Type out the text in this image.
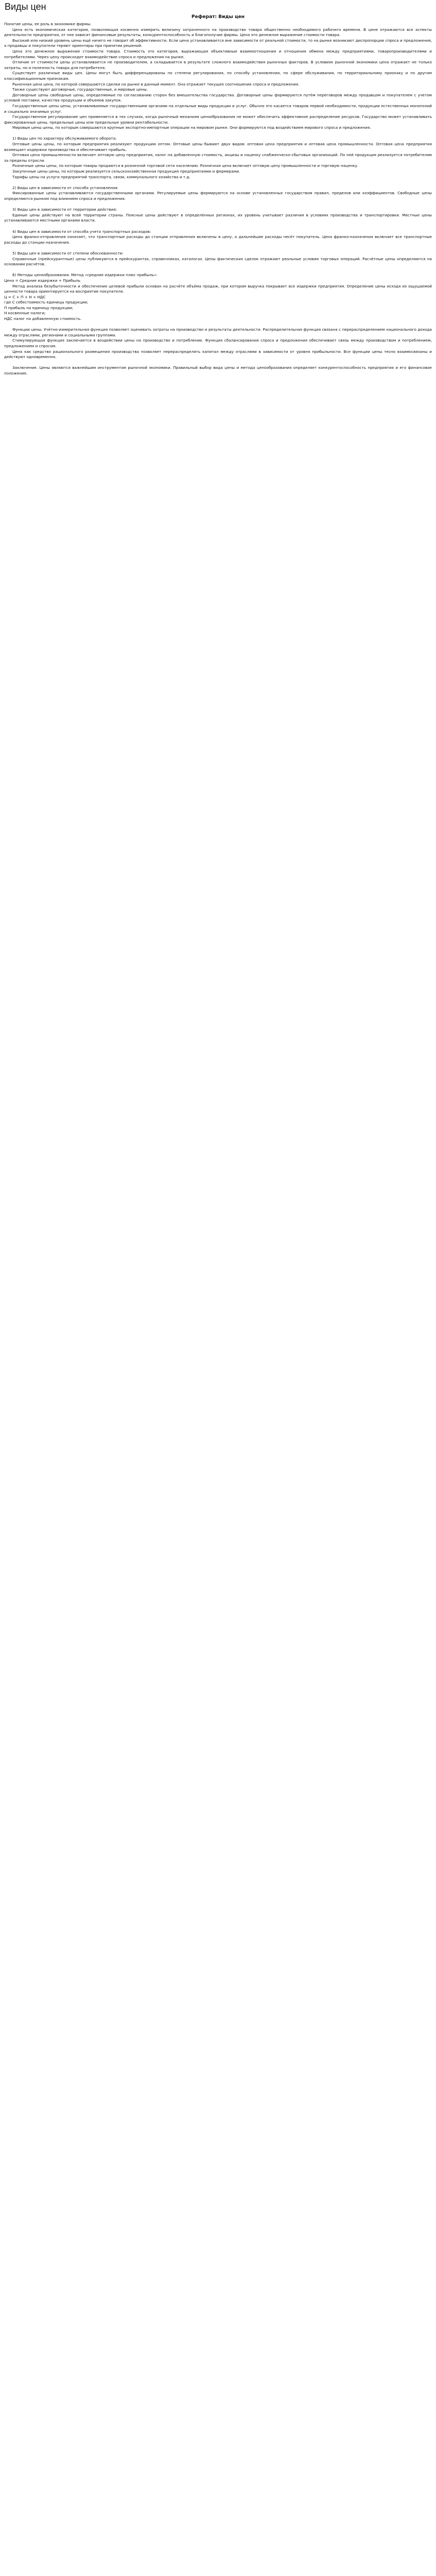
Виды цен
Реферат: Виды цен

Понятие цены, ее роль в экономике фирмы.

Цена есть экономическая категория, позволяющая косвенно измерить величину затраченного на производство товара общественно необходимого рабочего времени. В цене отражаются все аспекты деятельности предприятия, от нее зависят финансовые результаты, конкурентоспособность и благополучие фирмы. Цена это денежное выражение стоимости товара.

Высокий или низкий уровень цены ещё ничего не говорит об эффективности. Если цена устанавливается вне зависимости от реальной стоимости, то на рынке возникают диспропорции спроса и предложения, а продавцы и покупатели теряют ориентиры при принятии решений.

Цена это денежное выражение стоимости товара. Стоимость это категория, выражающая объективные взаимоотношения и отношения обмена между предприятиями, товаропроизводителями и потребителями. Через цену происходит взаимодействие спроса и предложения на рынке.

Отличие от стоимости цены устанавливается не производителем, а складывается в результате сложного взаимодействия рыночных факторов. В условиях рыночной экономики цена отражает не только затраты, но и полезность товара для потребителя.

Существует различные виды цен. Цены могут быть дифференцированы по степени регулирования, по способу установления, по сфере обслуживания, по территориальному признаку и по другим классификационным признакам.

Рыночная цена цена, по которой совершаются сделки на рынке в данный момент. Она отражает текущее соотношение спроса и предложения.

Также существуют договорные, государственные, и мировые цены.

Договорные цены свободные цены, определяемые по согласованию сторон без вмешательства государства. Договорные цены формируются путём переговоров между продавцом и покупателем с учетом условий поставки, качества продукции и объемов закупок.

Государственные цены цены, устанавливаемые государственными органами на отдельные виды продукции и услуг. Обычно это касается товаров первой необходимости, продукции естественных монополий и социально значимых услуг.

Государственное регулирование цен применяется в тех случаях, когда рыночный механизм ценообразования не может обеспечить эффективное распределение ресурсов. Государство может устанавливать фиксированные цены, предельные цены или предельные уровни рентабельности.

Мировые цены цены, по которым совершаются крупные экспортно-импортные операции на мировом рынке. Они формируются под воздействием мирового спроса и предложения.

1) Виды цен по характеру обслуживаемого оборота:

Оптовые цены цены, по которым предприятия реализуют продукцию оптом. Оптовые цены бывают двух видов: оптовая цена предприятия и оптовая цена промышленности. Оптовая цена предприятия возмещает издержки производства и обеспечивает прибыль.

Оптовая цена промышленности включает оптовую цену предприятия, налог на добавленную стоимость, акцизы и наценку снабженческо-сбытовых организаций. По ней продукция реализуется потребителям за пределы отрасли.

Розничные цены цены, по которым товары продаются в розничной торговой сети населению. Розничная цена включает оптовую цену промышленности и торговую наценку.

Закупочные цены цены, по которым реализуется сельскохозяйственная продукция предприятиями и фермерами.

Тарифы цены на услуги предприятий транспорта, связи, коммунального хозяйства и т.д.

2) Виды цен в зависимости от способа установления:

Фиксированные цены устанавливаются государственными органами. Регулируемые цены формируются на основе установленных государством правил, пределов или коэффициентов. Свободные цены определяются рынком под влиянием спроса и предложения.

3) Виды цен в зависимости от территории действия:

Единые цены действуют на всей территории страны. Поясные цены действуют в определённых регионах, их уровень учитывает различия в условиях производства и транспортировки. Местные цены устанавливаются местными органами власти.

4) Виды цен в зависимости от способа учета транспортных расходов:

Цена франко-отправления означает, что транспортные расходы до станции отправления включены в цену, а дальнейшие расходы несёт покупатель. Цена франко-назначения включает все транспортные расходы до станции назначения.

5) Виды цен в зависимости от степени обоснованности:

Справочные (прейскурантные) цены публикуются в прейскурантах, справочниках, каталогах. Цены фактических сделок отражают реальные условия торговых операций. Расчётные цены определяются на основании расчётов.

6) Методы ценообразования. Метод «средние издержки плюс прибыль»:

Цена = Средние издержки + Прибыль

Метод анализа безубыточности и обеспечения целевой прибыли основан на расчёте объёма продаж, при котором выручка покрывает все издержки предприятия. Определение цены исходя из ощущаемой ценности товара ориентируется на восприятие покупателя.

Ц = С + П + Н + НДС

где С себестоимость единицы продукции;

П прибыль на единицу продукции;

Н косвенные налоги;

НДС налог на добавленную стоимость.

Функции цены. Учётно-измерительная функция позволяет оценивать затраты на производство и результаты деятельности. Распределительная функция связана с перераспределением национального дохода между отраслями, регионами и социальными группами.

Стимулирующая функция заключается в воздействии цены на производство и потребление. Функция сбалансирования спроса и предложения обеспечивает связь между производством и потреблением, предложением и спросом.

Цена как средство рационального размещения производства позволяет перераспределять капитал между отраслями в зависимости от уровня прибыльности. Все функции цены тесно взаимосвязаны и действуют одновременно.

Заключение. Цены являются важнейшим инструментом рыночной экономики. Правильный выбор вида цены и метода ценообразования определяет конкурентоспособность предприятия и его финансовое положение.
